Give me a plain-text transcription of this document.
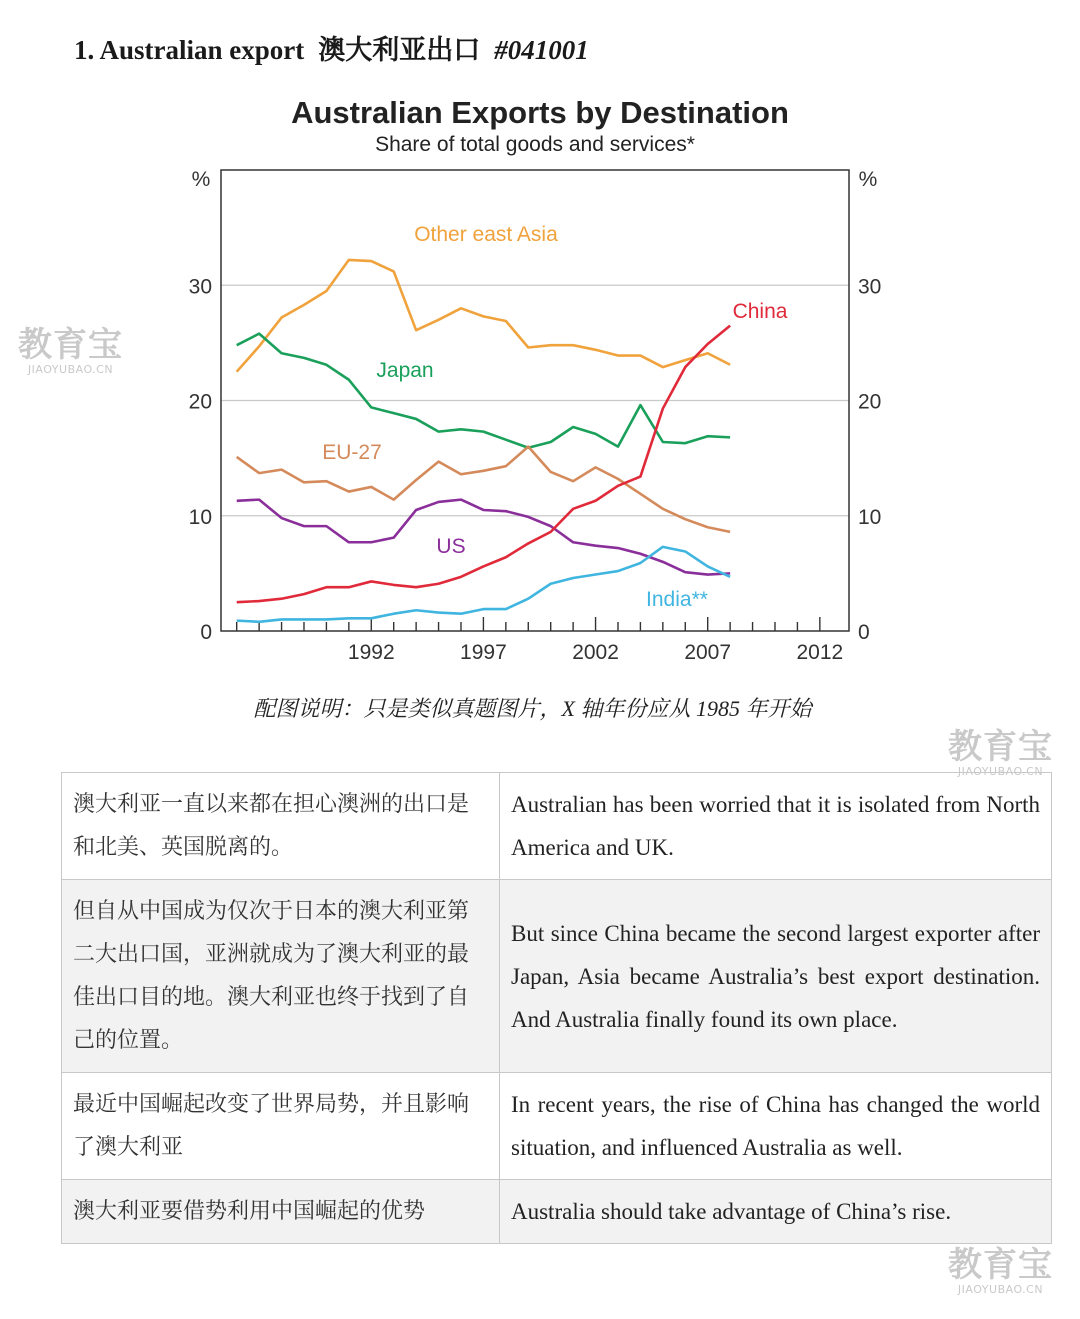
1. Australian export 澳大利亚出口 #041001
Australian Exports by Destination
Share of total goods and services*
1992	1997	2002	2007	2012
0	0
10	10
20	20
30	30
%	%
Other east Asia
Japan
EU-27
US
China
India**
配图说明：只是类似真题图片，X 轴年份应从 1985 年开始
教育宝
JIAOYUBAO.CN
教育宝
JIAOYUBAO.CN
教育宝
JIAOYUBAO.CN
澳大利亚一直以来都在担心澳洲的出口是和北美、英国脱离的。	Australian has been worried that it is isolated from North America and UK.
但自从中国成为仅次于日本的澳大利亚第二大出口国，亚洲就成为了澳大利亚的最佳出口目的地。澳大利亚也终于找到了自己的位置。	But since China became the second largest exporter after Japan, Asia became Australia’s best export destination. And Australia finally found its own place.
最近中国崛起改变了世界局势，并且影响了澳大利亚	In recent years, the rise of China has changed the world situation, and influenced Australia as well.
澳大利亚要借势利用中国崛起的优势	Australia should take advantage of China’s rise.
